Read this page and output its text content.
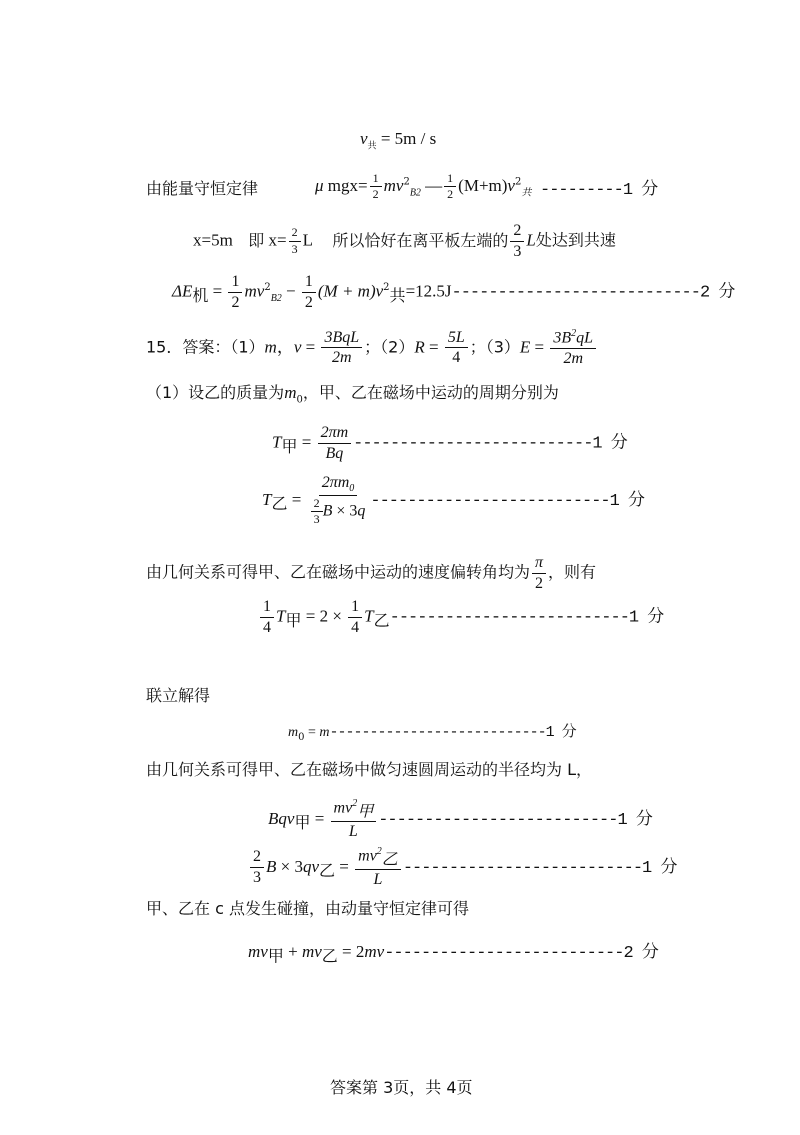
$v_共 = 5m / s$
由能量守恒定律	μ $mgx= \frac{1}{2} mv^2_{B2}$ — $\frac{1}{2} (M+m)v^2_共$ ---------1 分
x=5m 即 $x= \frac{2}{3}$ L 所以恰好在离平板左端的 $\frac{2}{3}$ L处达到共速
$\Delta E_机 = \frac{1}{2} mv^2_{B2} - \frac{1}{2} (M + m)v^2_共=12.5J---------------------------2$ 分
15．答案：（1）m，$v = \frac{\text{3BqL}}{2m}$ ；$(2)R = \frac{5L}{4}$ ；$(3)E = \frac{3B^2qL}{2m}$
（1）设乙的质量为$m_0$，甲、乙在磁场中运动的周期分别为
$T_甲 = \frac{2\pi m}{Bq} --------------------------1$ 分
$T_乙 = \frac{2\pi m_0}{\frac{2}{3} B \times 3q} --------------------------1$ 分
由几何关系可得甲、乙在磁场中运动的速度偏转角均为 $\frac{\pi}{2}$ ，则有
$\frac{1}{4} T_甲 = 2 \times \frac{1}{4} T_乙--------------------------1$ 分
联立解得
$m_0 = m---------------------------1$ 分
由几何关系可得甲、乙在磁场中做匀速圆周运动的半径均为 L，
$Bqv_甲 = \frac{mv^2_甲}{L} --------------------------1$ 分
$\frac{2}{3}$ $B \times 3qv_乙 = \frac{mv^2_乙}{L} --------------------------1$ 分
甲、乙在 c 点发生碰撞，由动量守恒定律可得
$mv_甲 + mv_乙 = 2mv--------------------------2$ 分
答案第 3页，共 4页
